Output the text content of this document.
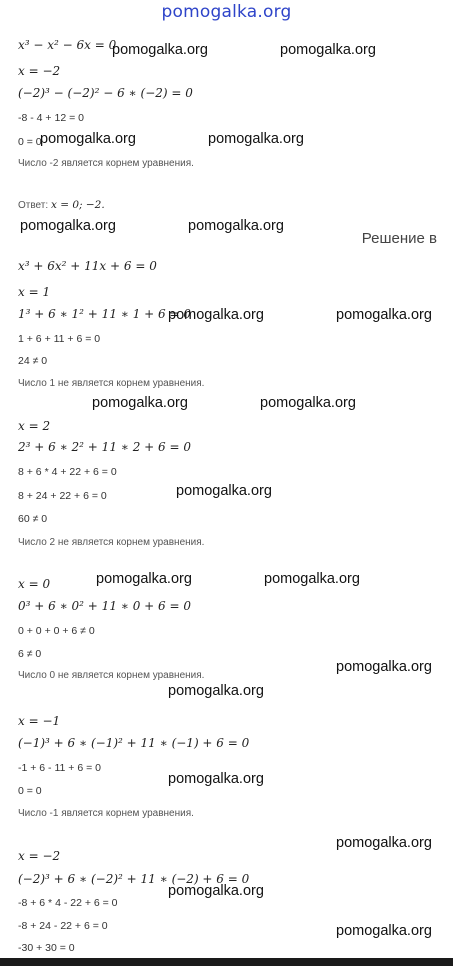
pomogalka.org
x³ − x² − 6x = 0
x = −2
(−2)³ − (−2)² − 6 ∗ (−2) = 0
-8 - 4 + 12 = 0
0 = 0
Число -2 является корнем уравнения.
Ответ: x = 0; −2.
Решение в
x³ + 6x² + 11x + 6 = 0
x = 1
1³ + 6 ∗ 1² + 11 ∗ 1 + 6 = 0
1 + 6 + 11 + 6 = 0
24 ≠ 0
Число 1 не является корнем уравнения.
x = 2
2³ + 6 ∗ 2² + 11 ∗ 2 + 6 = 0
8 + 6 * 4 + 22 + 6 = 0
8 + 24 + 22 + 6 = 0
60 ≠ 0
Число 2 не является корнем уравнения.
x = 0
0³ + 6 ∗ 0² + 11 ∗ 0 + 6 = 0
0 + 0 + 0 + 6 ≠ 0
6 ≠ 0
Число 0 не является корнем уравнения.
x = −1
(−1)³ + 6 ∗ (−1)² + 11 ∗ (−1) + 6 = 0
-1 + 6 - 11 + 6 = 0
0 = 0
Число -1 является корнем уравнения.
x = −2
(−2)³ + 6 ∗ (−2)² + 11 ∗ (−2) + 6 = 0
-8 + 6 * 4 - 22 + 6 = 0
-8 + 24 - 22 + 6 = 0
-30 + 30 = 0
pomogalka.org	pomogalka.org
pomogalka.org	pomogalka.org
pomogalka.org	pomogalka.org
pomogalka.org	pomogalka.org
pomogalka.org	pomogalka.org
pomogalka.org
pomogalka.org	pomogalka.org
pomogalka.org
pomogalka.org
pomogalka.org
pomogalka.org
pomogalka.org
pomogalka.org
